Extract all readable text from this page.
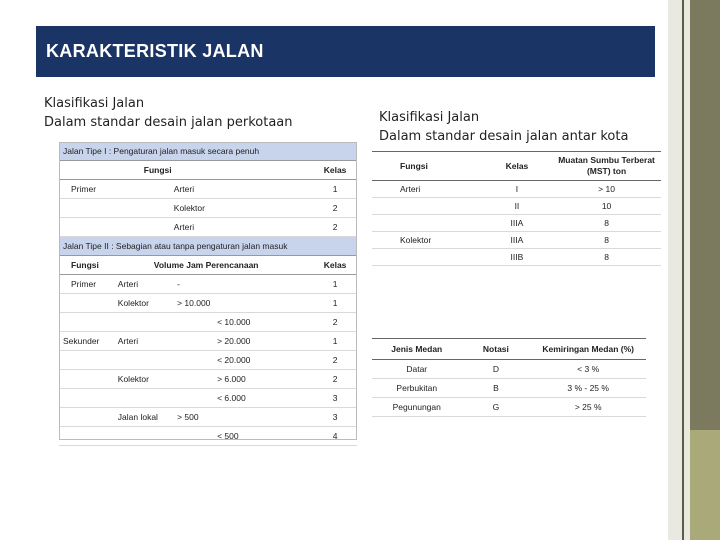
KARAKTERISTIK JALAN
Klasifikasi Jalan
Dalam standar desain jalan perkotaan	Klasifikasi Jalan
Dalam standar desain jalan antar kota
Jalan Tipe I : Pengaturan jalan masuk secara penuh			
	Fungsi		Kelas
Primer	Arteri		1
	Kolektor		2
	Arteri		2
Jalan Tipe II : Sebagian atau tanpa pengaturan jalan masuk			
Fungsi	Volume Jam Perencanaan		Kelas
Primer	Arteri	-	1
	Kolektor	> 10.000	1
		< 10.000	2
Sekunder	Arteri	> 20.000	1
		< 20.000	2
	Kolektor	> 6.000	2
		< 6.000	3
	Jalan lokal	> 500	3
		< 500	4
Fungsi	Kelas	Muatan Sumbu Terberat (MST) ton
Arteri	I	> 10
	II	10
	IIIA	8
Kolektor	IIIA	8
	IIIB	8
Jenis Medan	Notasi	Kemiringan Medan (%)
Datar	D	< 3 %
Perbukitan	B	3 % - 25 %
Pegunungan	G	> 25 %
